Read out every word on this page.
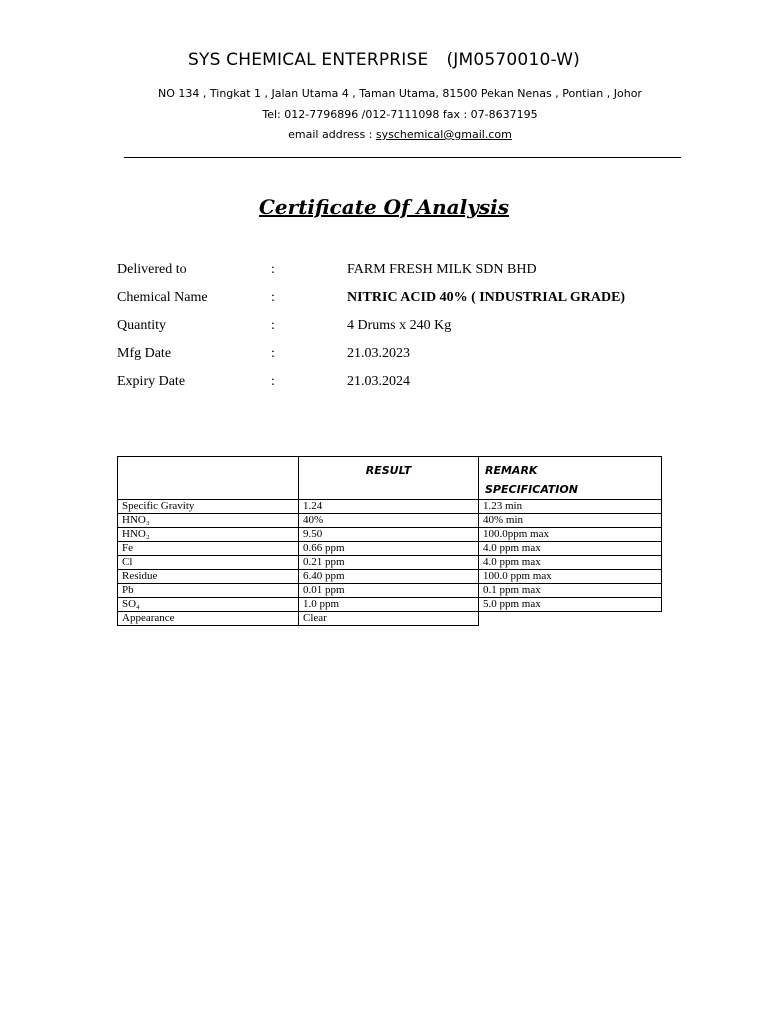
SYS CHEMICAL ENTERPRISE (JM0570010-W)
NO 134 , Tingkat 1 , Jalan Utama 4 , Taman Utama, 81500 Pekan Nenas , Pontian , Johor
Tel: 012-7796896 /012-7111098 fax : 07-8637195
email address : syschemical@gmail.com
Certificate Of Analysis
Delivered to	:	FARM FRESH MILK SDN BHD
Chemical Name	:	NITRIC ACID 40% ( INDUSTRIAL GRADE)
Quantity	:	4 Drums x 240 Kg
Mfg Date	:	21.03.2023
Expiry Date	:	21.03.2024
	RESULT	REMARK
SPECIFICATION
Specific Gravity	1.24	1.23 min
HNO₃	40%	40% min
HNO₂	9.50	100.0ppm max
Fe	0.66 ppm	4.0 ppm max
Cl	0.21 ppm	4.0 ppm max
Residue	6.40 ppm	100.0 ppm max
Pb	0.01 ppm	0.1 ppm max
SO₄	1.0 ppm	5.0 ppm max
Appearance	Clear	
